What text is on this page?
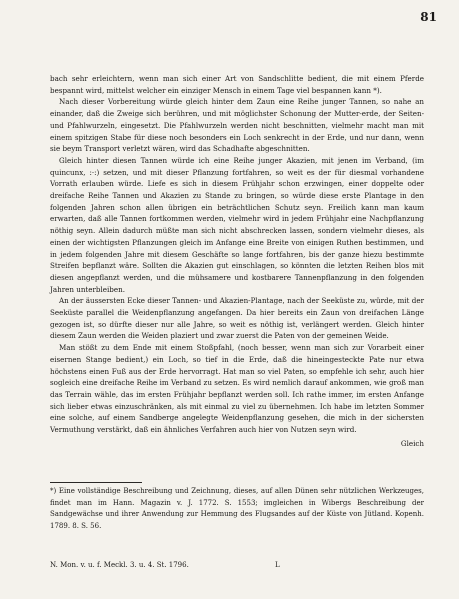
81

bach sehr erleichtern, wenn man sich einer Art von Sandschlitte bedient, die mit einem Pferde bespannt wird, mittelst welcher ein einziger Mensch in einem Tage viel bespannen kann *).

Nach dieser Vorbereitung würde gleich hinter dem Zaun eine Reihe junger Tannen, so nahe an einander, daß die Zweige sich berühren, und mit möglichster Schonung der Mutter-erde, der Seiten- und Pfahlwurzeln, eingesetzt. Die Pfahlwurzeln werden nicht beschnitten, vielmehr macht man mit einem spitzigen Stabe für diese noch besonders ein Loch senkrecht in der Erde, und nur dann, wenn sie beym Transport verletzt wären, wird das Schadhafte abgeschnitten.

Gleich hinter diesen Tannen würde ich eine Reihe junger Akazien, mit jenen im Verband, (im quincunx, :·:) setzen, und mit dieser Pflanzung fortfahren, so weit es der für diesmal vorhandene Vorrath erlauben würde. Liefe es sich in diesem Frühjahr schon erzwingen, einer doppelte oder dreifache Reihe Tannen und Akazien zu Stande zu bringen, so würde diese erste Plantage in den folgenden Jahren schon allen übrigen ein beträchtlichen Schutz seyn. Freilich kann man kaum erwarten, daß alle Tannen fortkommen werden, vielmehr wird in jedem Frühjahr eine Nachpflanzung nöthig seyn. Allein dadurch müßte man sich nicht abschrecken lassen, sondern vielmehr dieses, als einen der wichtigsten Pflanzungen gleich im Anfange eine Breite von einigen Ruthen bestimmen, und in jedem folgenden Jahre mit diesem Geschäfte so lange fortfahren, bis der ganze hiezu bestimmte Streifen bepflanzt wäre. Sollten die Akazien gut einschlagen, so könnten die letzten Reihen blos mit diesen angepflanzt werden, und die mühsamere und kostbarere Tannenpflanzung in den folgenden Jahren unterbleiben.

An der äussersten Ecke dieser Tannen- und Akazien-Plantage, nach der Seeküste zu, würde, mit der Seeküste parallel die Weidenpflanzung angefangen. Da hier bereits ein Zaun von dreifachen Länge gezogen ist, so dürfte dieser nur alle Jahre, so weit es nöthig ist, verlängert werden. Gleich hinter diesem Zaun werden die Weiden plaziert und zwar zuerst die Paten von der gemeinen Weide.

Man stößt zu dem Ende mit einem Stoßpfahl, (noch besser, wenn man sich zur Vorarbeit einer eisernen Stange bedient,) ein Loch, so tief in die Erde, daß die hineingesteckte Pate nur etwa höchstens einen Fuß aus der Erde hervorragt. Hat man so viel Paten, so empfehle ich sehr, auch hier sogleich eine dreifache Reihe im Verband zu setzen. Es wird nemlich darauf ankommen, wie groß man das Terrain wähle, das im ersten Frühjahr bepflanzt werden soll. Ich rathe immer, im ersten Anfange sich lieber etwas einzuschränken, als mit einmal zu viel zu übernehmen. Ich habe im letzten Sommer eine solche, auf einem Sandberge angelegte Weidenpflanzung gesehen, die mich in der sichersten Vermuthung verstärkt, daß ein ähnliches Verfahren auch hier von Nutzen seyn wird.

Gleich
*) Eine vollständige Beschreibung und Zeichnung, dieses, auf allen Dünen sehr nützlichen Werkzeuges, findet man im Hann. Magazin v. J. 1772. S. 1553; imgleichen in Wibergs Beschreibung der Sandgewächse und ihrer Anwendung zur Hemmung des Flugsandes auf der Küste von Jütland. Kopenh. 1789. 8. S. 56.
N. Mon. v. u. f. Meckl. 3. u. 4. St. 1796.	L
